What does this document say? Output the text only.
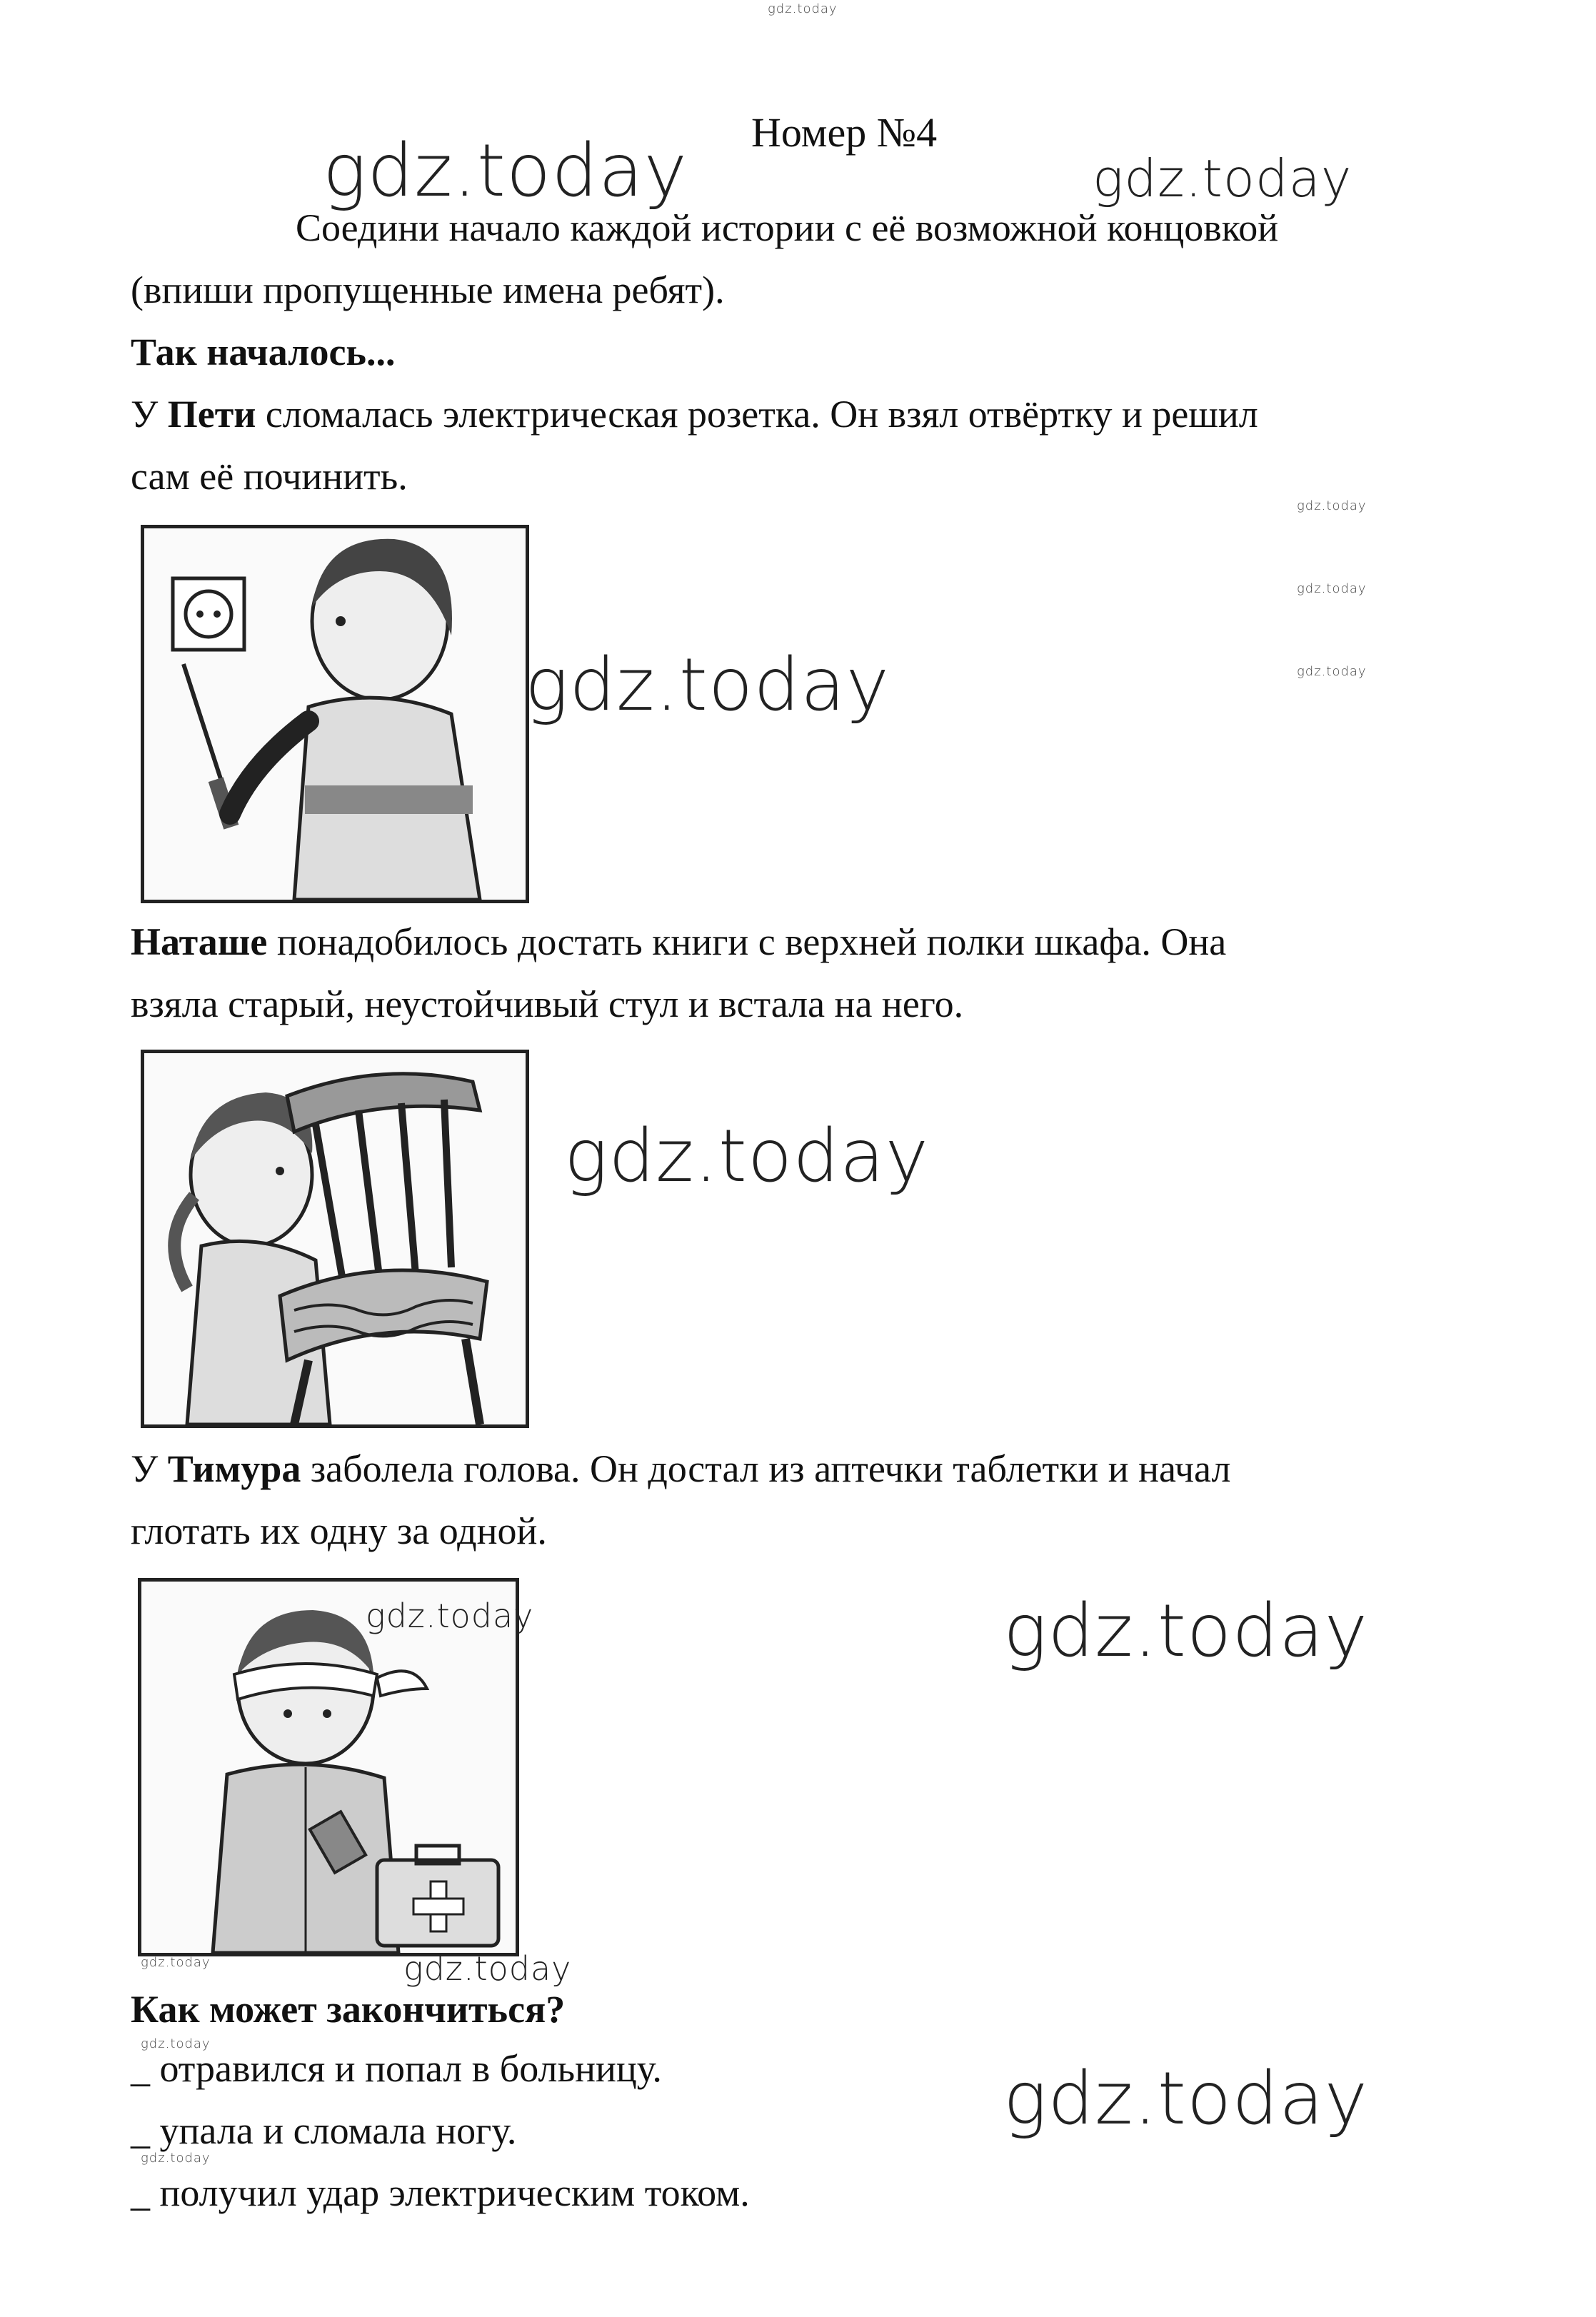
gdz.today
Номер №4
gdz.today	gdz.today
Соедини начало каждой истории с её возможной концовкой
(впиши пропущенные имена ребят).
Так началось...
У Пети сломалась электрическая розетка. Он взял отвёртку и решил
сам её починить.
gdz.today
gdz.today
gdz.today
gdz.today
Наташе понадобилось достать книги с верхней полки шкафа. Она
взяла старый, неустойчивый стул и встала на него.
gdz.today
У Тимура заболела голова. Он достал из аптечки таблетки и начал
глотать их одну за одной.
gdz.today	gdz.today
gdz.today	gdz.today
Как может закончиться?
gdz.today
_ отравился и попал в больницу.
_ упала и сломала ногу.
gdz.today
_ получил удар электрическим током.
gdz.today
